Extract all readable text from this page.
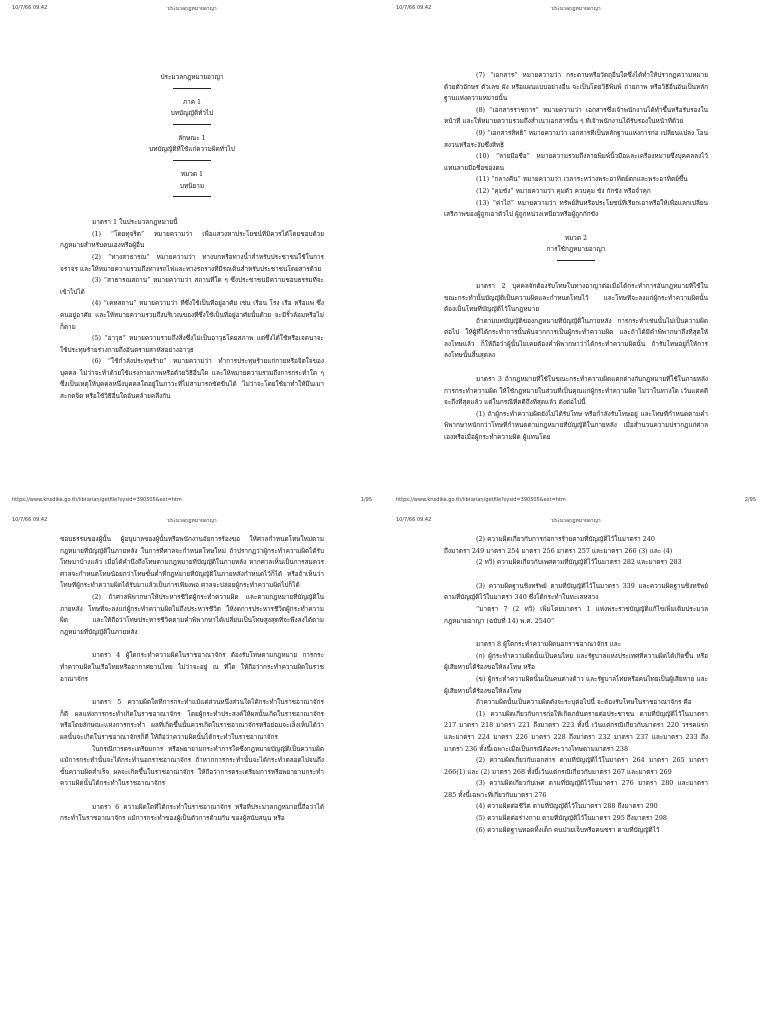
10/7/66 09:42	ประมวลกฎหมายอาญา

ประมวลกฎหมายอาญา

ภาค 1

บทบัญญัติทั่วไป

ลักษณะ 1

บทบัญญัติที่ใช้แก่ความผิดทั่วไป

หมวด 1

บทนิยาม

มาตรา 1 ในประมวลกฎหมายนี้

(1) “โดยทุจริต” หมายความว่า เพื่อแสวงหาประโยชน์ที่มิควรได้โดยชอบด้วยกฎหมายสำหรับตนเองหรือผู้อื่น

(2) “ทางสาธารณ” หมายความว่า ทางบกหรือทางน้ำสำหรับประชาชนใช้ในการจราจร และให้หมายความรวมถึงทางรถไฟและทางรถรางที่มีรถเดินสำหรับประชาชนโดยสารด้วย

(3) “สาธารณสถาน” หมายความว่า สถานที่ใด ๆ ซึ่งประชาชนมีความชอบธรรมที่จะเข้าไปได้

(4) “เคหสถาน” หมายความว่า ที่ซึ่งใช้เป็นที่อยู่อาศัย เช่น เรือน โรง เรือ หรือแพ ซึ่งคนอยู่อาศัย และให้หมายความรวมถึงบริเวณของที่ซึ่งใช้เป็นที่อยู่อาศัยนั้นด้วย จะมีรั้วล้อมหรือไม่ก็ตาม

(5) “อาวุธ” หมายความรวมถึงสิ่งซึ่งไม่เป็นอาวุธโดยสภาพ แต่ซึ่งได้ใช้หรือเจตนาจะใช้ประทุษร้ายร่างกายถึงอันตรายสาหัสอย่างอาวุธ

(6) “ใช้กำลังประทุษร้าย” หมายความว่า ทำการประทุษร้ายแก่กายหรือจิตใจของบุคคล ไม่ว่าจะทำด้วยใช้แรงกายภาพหรือด้วยวิธีอื่นใด และให้หมายความรวมถึงการกระทำใด ๆ ซึ่งเป็นเหตุให้บุคคลหนึ่งบุคคลใดอยู่ในภาวะที่ไม่สามารถขัดขืนได้ ไม่ว่าจะโดยใช้ยาทำให้มึนเมา สะกดจิต หรือใช้วิธีอื่นใดอันคล้ายคลึงกัน

https://www.krisdika.go.th/librarian/getfile?sysid=390505&ext=htm	1/95
10/7/66 09:42	ประมวลกฎหมายอาญา

(7) “เอกสาร” หมายความว่า กระดาษหรือวัตถุอื่นใดซึ่งได้ทำให้ปรากฏความหมายด้วยตัวอักษร ตัวเลข ผัง หรือแผนแบบอย่างอื่น จะเป็นโดยวิธีพิมพ์ ถ่ายภาพ หรือวิธีอื่นอันเป็นหลักฐานแห่งความหมายนั้น

(8) “เอกสารราชการ” หมายความว่า เอกสารซึ่งเจ้าพนักงานได้ทำขึ้นหรือรับรองในหน้าที่ และให้หมายความรวมถึงสำเนาเอกสารนั้น ๆ ที่เจ้าพนักงานได้รับรองในหน้าที่ด้วย

(9) “เอกสารสิทธิ” หมายความว่า เอกสารที่เป็นหลักฐานแห่งการก่อ เปลี่ยนแปลง โอน สงวนหรือระงับซึ่งสิทธิ

(10) “ลายมือชื่อ” หมายความรวมถึงลายพิมพ์นิ้วมือและเครื่องหมายซึ่งบุคคลลงไว้แทนลายมือชื่อของตน

(11) “กลางคืน” หมายความว่า เวลาระหว่างพระอาทิตย์ตกและพระอาทิตย์ขึ้น

(12) “คุมขัง” หมายความว่า คุมตัว ควบคุม ขัง กักขัง หรือจำคุก

(13) “ค่าไถ่” หมายความว่า ทรัพย์สินหรือประโยชน์ที่เรียกเอาหรือให้เพื่อแลกเปลี่ยนเสรีภาพของผู้ถูกเอาตัวไป ผู้ถูกหน่วงเหนี่ยวหรือผู้ถูกกักขัง

หมวด 2

การใช้กฎหมายอาญา

มาตรา 2 บุคคลจักต้องรับโทษในทางอาญาต่อเมื่อได้กระทำการอันกฎหมายที่ใช้ในขณะกระทำนั้นบัญญัติเป็นความผิดและกำหนดโทษไว้ และโทษที่จะลงแก่ผู้กระทำความผิดนั้น ต้องเป็นโทษที่บัญญัติไว้ในกฎหมาย

ถ้าตามบทบัญญัติของกฎหมายที่บัญญัติในภายหลัง การกระทำเช่นนั้นไม่เป็นความผิดต่อไป ให้ผู้ที่ได้กระทำการนั้นพ้นจากการเป็นผู้กระทำความผิด และถ้าได้มีคำพิพากษาถึงที่สุดให้ลงโทษแล้ว ก็ให้ถือว่าผู้นั้นไม่เคยต้องคำพิพากษาว่าได้กระทำความผิดนั้น ถ้ารับโทษอยู่ก็ให้การลงโทษนั้นสิ้นสุดลง

มาตรา 3 ถ้ากฎหมายที่ใช้ในขณะกระทำความผิดแตกต่างกับกฎหมายที่ใช้ในภายหลังการกระทำความผิด ให้ใช้กฎหมายในส่วนที่เป็นคุณแก่ผู้กระทำความผิด ไม่ว่าในทางใด เว้นแต่คดีจะถึงที่สุดแล้ว แต่ในกรณีที่คดีถึงที่สุดแล้ว ดังต่อไปนี้

(1) ถ้าผู้กระทำความผิดยังไม่ได้รับโทษ หรือกำลังรับโทษอยู่ และโทษที่กำหนดตามคำพิพากษาหนักกว่าโทษที่กำหนดตามกฎหมายที่บัญญัติในภายหลัง เมื่อสำนวนความปรากฏแก่ศาลเองหรือเมื่อผู้กระทำความผิด ผู้แทนโดย

https://www.krisdika.go.th/librarian/getfile?sysid=390505&ext=htm	2/95
10/7/66 09:42	ประมวลกฎหมายอาญา

ชอบธรรมของผู้นั้น ผู้อนุบาลของผู้นั้นหรือพนักงานอัยการร้องขอ ให้ศาลกำหนดโทษใหม่ตามกฎหมายที่บัญญัติในภายหลัง ในการที่ศาลจะกำหนดโทษใหม่ ถ้าปรากฏว่าผู้กระทำความผิดได้รับโทษมาบ้างแล้ว เมื่อได้คำนึงถึงโทษตามกฎหมายที่บัญญัติในภายหลัง หากศาลเห็นเป็นการสมควร ศาลจะกำหนดโทษน้อยกว่าโทษขั้นต่ำที่กฎหมายที่บัญญัติในภายหลังกำหนดไว้ก็ได้ หรือถ้าเห็นว่าโทษที่ผู้กระทำความผิดได้รับมาแล้วเป็นการเพียงพอ ศาลจะปล่อยผู้กระทำความผิดไปก็ได้

(2) ถ้าศาลพิพากษาให้ประหารชีวิตผู้กระทำความผิด และตามกฎหมายที่บัญญัติในภายหลัง โทษที่จะลงแก่ผู้กระทำความผิดไม่ถึงประหารชีวิต ให้งดการประหารชีวิตผู้กระทำความผิด และให้ถือว่าโทษประหารชีวิตตามคำพิพากษาได้เปลี่ยนเป็นโทษสูงสุดที่จะพึงลงได้ตามกฎหมายที่บัญญัติในภายหลัง

มาตรา 4 ผู้ใดกระทำความผิดในราชอาณาจักร ต้องรับโทษตามกฎหมาย การกระทำความผิดในเรือไทยหรืออากาศยานไทย ไม่ว่าจะอยู่ ณ ที่ใด ให้ถือว่ากระทำความผิดในราชอาณาจักร

มาตรา 5 ความผิดใดที่การกระทำแม้แต่ส่วนหนึ่งส่วนใดได้กระทำในราชอาณาจักร ก็ดี ผลแห่งการกระทำเกิดในราชอาณาจักร โดยผู้กระทำประสงค์ให้ผลนั้นเกิดในราชอาณาจักร หรือโดยลักษณะแห่งการกระทำ ผลที่เกิดขึ้นนั้นควรเกิดในราชอาณาจักรหรือย่อมจะเล็งเห็นได้ว่าผลนั้นจะเกิดในราชอาณาจักรก็ดี ให้ถือว่าความผิดนั้นได้กระทำในราชอาณาจักร

ในกรณีการตระเตรียมการ หรือพยายามกระทำการใดซึ่งกฎหมายบัญญัติเป็นความผิด แม้การกระทำนั้นจะได้กระทำนอกราชอาณาจักร ถ้าหากการกระทำนั้นจะได้กระทำตลอดไปจนถึงขั้นความผิดสำเร็จ ผลจะเกิดขึ้นในราชอาณาจักร ให้ถือว่าการตระเตรียมการหรือพยายามกระทำความผิดนั้นได้กระทำในราชอาณาจักร

มาตรา 6 ความผิดใดที่ได้กระทำในราชอาณาจักร หรือที่ประมวลกฎหมายนี้ถือว่าได้กระทำในราชอาณาจักร แม้การกระทำของผู้เป็นตัวการด้วยกัน ของผู้สนับสนุน หรือ

10/7/66 09:42	ประมวลกฎหมายอาญา

(2) ความผิดเกี่ยวกับการก่อการร้ายตามที่บัญญัติไว้ในมาตรา 240

ถึงมาตรา 249 มาตรา 254 มาตรา 256 มาตรา 257 และมาตรา 266 (3) และ (4)

(2 ทวิ) ความผิดเกี่ยวกับเพศตามที่บัญญัติไว้ในมาตรา 282 และมาตรา 283

(3) ความผิดฐานชิงทรัพย์ ตามที่บัญญัติไว้ในมาตรา 339 และความผิดฐานชิงทรัพย์ ตามที่บัญญัติไว้ในมาตรา 340 ซึ่งได้กระทำในทะเลหลวง

“มาตรา 7 (2 ทวิ) เพิ่มโดยมาตรา 1 แห่งพระราชบัญญัติแก้ไขเพิ่มเติมประมวลกฎหมายอาญา (ฉบับที่ 14) พ.ศ. 2540”

มาตรา 8 ผู้ใดกระทำความผิดนอกราชอาณาจักร และ

(ก) ผู้กระทำความผิดนั้นเป็นคนไทย และรัฐบาลแห่งประเทศที่ความผิดได้เกิดขึ้น หรือผู้เสียหายได้ร้องขอให้ลงโทษ หรือ

(ข) ผู้กระทำความผิดนั้นเป็นคนต่างด้าว และรัฐบาลไทยหรือคนไทยเป็นผู้เสียหาย และผู้เสียหายได้ร้องขอให้ลงโทษ

ถ้าความผิดนั้นเป็นความผิดดังจะระบุต่อไปนี้ จะต้องรับโทษในราชอาณาจักร คือ

(1) ความผิดเกี่ยวกับการก่อให้เกิดภยันตรายต่อประชาชน ตามที่บัญญัติไว้ในมาตรา 217 มาตรา 218 มาตรา 221 ถึงมาตรา 223 ทั้งนี้ เว้นแต่กรณีเกี่ยวกับมาตรา 220 วรรคแรก และมาตรา 224 มาตรา 226 มาตรา 228 ถึงมาตรา 232 มาตรา 237 และมาตรา 233 ถึงมาตรา 236 ทั้งนี้เฉพาะเมื่อเป็นกรณีต้องระวางโทษตามมาตรา 238

(2) ความผิดเกี่ยวกับเอกสาร ตามที่บัญญัติไว้ในมาตรา 264 มาตรา 265 มาตรา 266(1) และ (2) มาตรา 268 ทั้งนี้เว้นแต่กรณีเกี่ยวกับมาตรา 267 และมาตรา 269

(3) ความผิดเกี่ยวกับเพศ ตามที่บัญญัติไว้ในมาตรา 276 มาตรา 280 และมาตรา 285 ทั้งนี้เฉพาะที่เกี่ยวกับมาตรา 276

(4) ความผิดต่อชีวิต ตามที่บัญญัติไว้ในมาตรา 288 ถึงมาตรา 290

(5) ความผิดต่อร่างกาย ตามที่บัญญัติไว้ในมาตรา 295 ถึงมาตรา 298

(6) ความผิดฐานทอดทิ้งเด็ก คนป่วยเจ็บหรือคนชรา ตามที่บัญญัติไว้
